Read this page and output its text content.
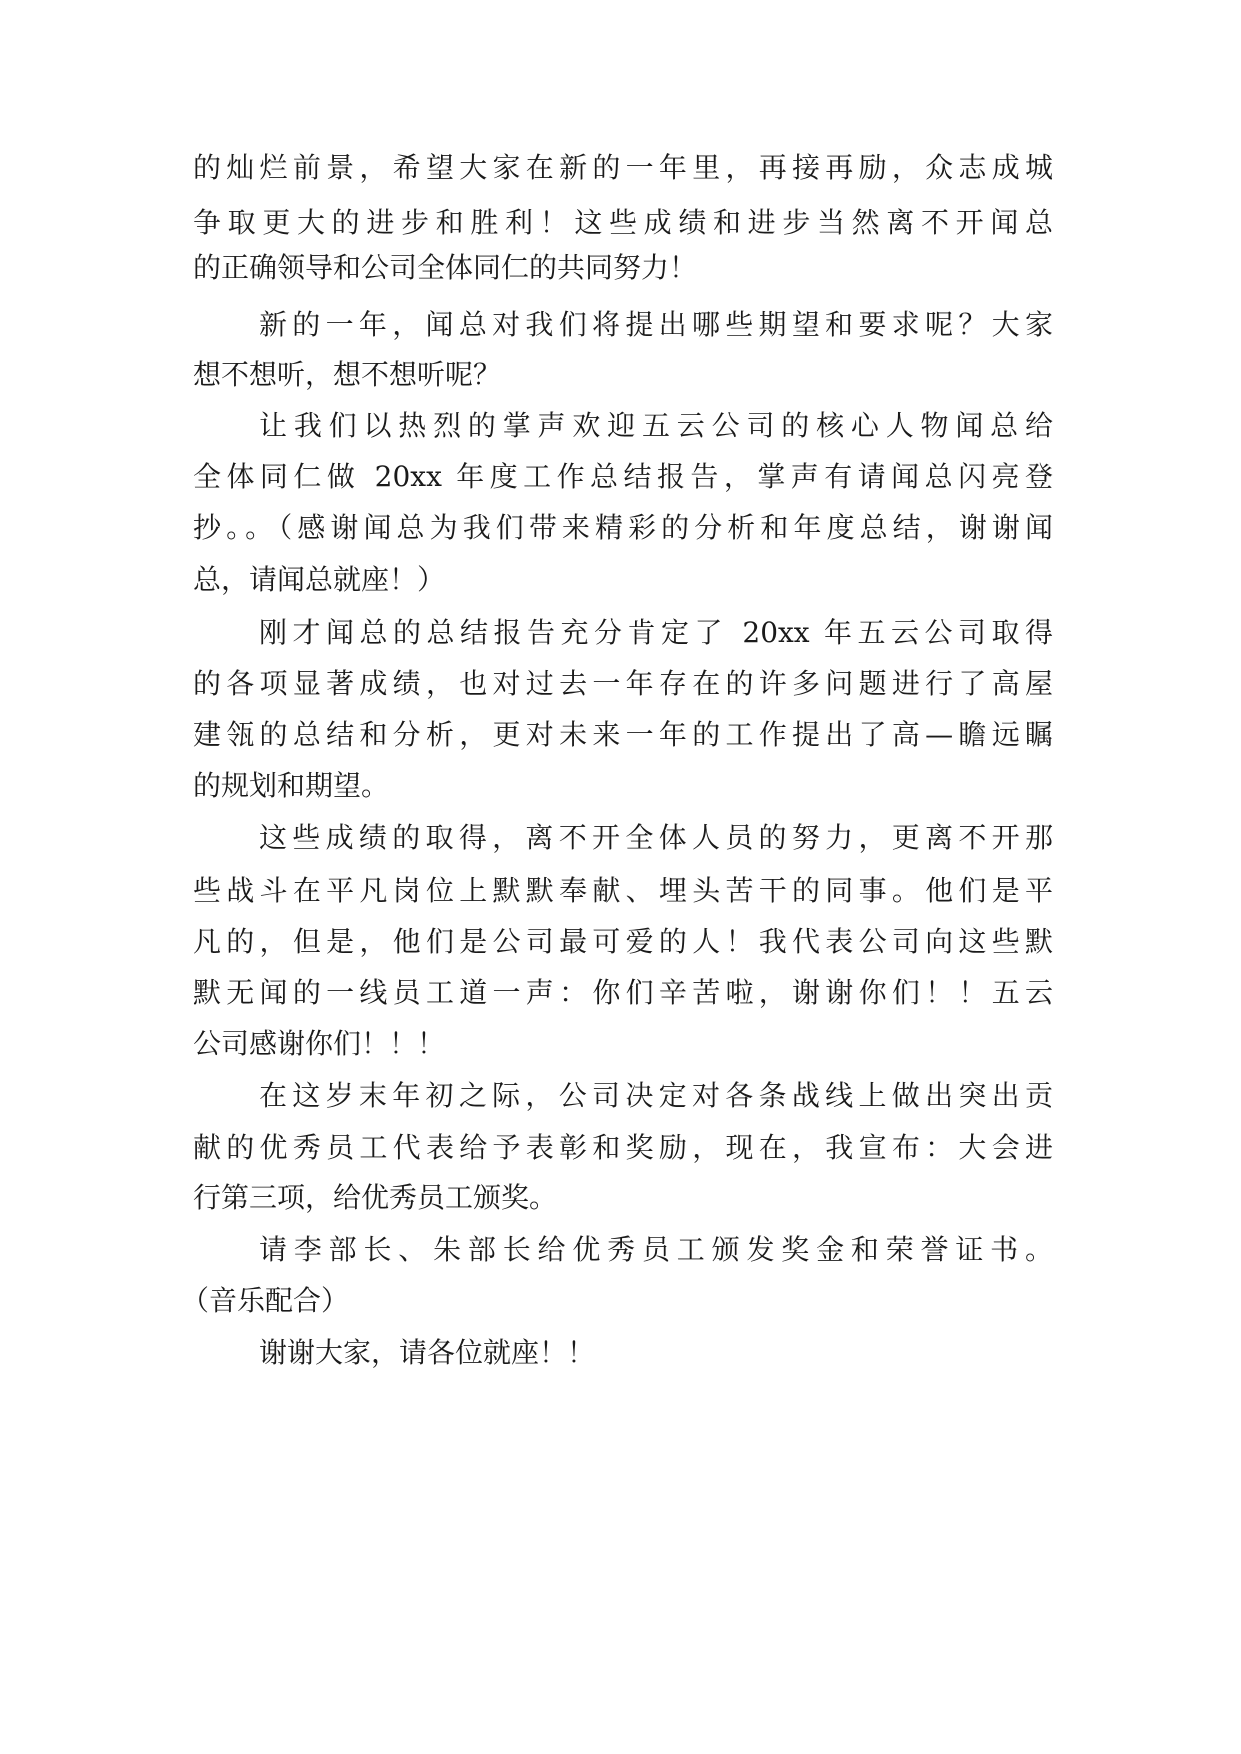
的灿烂前景，希望大家在新的一年里，再接再励，众志成城
争取更大的进步和胜利！这些成绩和进步当然离不开闻总
的正确领导和公司全体同仁的共同努力！
新的一年，闻总对我们将提出哪些期望和要求呢？大家
想不想听，想不想听呢？
让我们以热烈的掌声欢迎五云公司的核心人物闻总给
全体同仁做 20xx 年度工作总结报告，掌声有请闻总闪亮登
抄。。（感谢闻总为我们带来精彩的分析和年度总结，谢谢闻
总，请闻总就座！）
刚才闻总的总结报告充分肯定了 20xx 年五云公司取得
的各项显著成绩，也对过去一年存在的许多问题进行了高屋
建瓴的总结和分析，更对未来一年的工作提出了高—瞻远瞩
的规划和期望。
这些成绩的取得，离不开全体人员的努力，更离不开那
些战斗在平凡岗位上默默奉献、埋头苦干的同事。他们是平
凡的，但是，他们是公司最可爱的人！我代表公司向这些默
默无闻的一线员工道一声：你们辛苦啦，谢谢你们！！五云
公司感谢你们！！！
在这岁末年初之际，公司决定对各条战线上做出突出贡
献的优秀员工代表给予表彰和奖励，现在，我宣布：大会进
行第三项，给优秀员工颁奖。
请李部长、朱部长给优秀员工颁发奖金和荣誉证书。
（音乐配合）
谢谢大家，请各位就座！！
